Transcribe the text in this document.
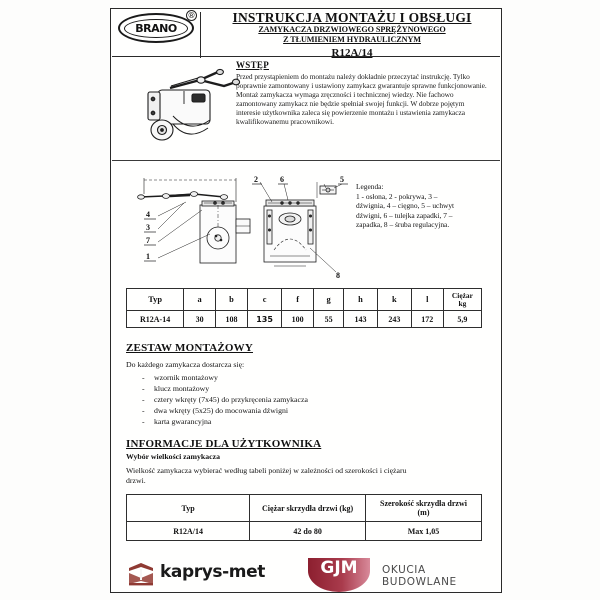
BRANO
®	INSTRUKCJA MONTAŻU I OBSŁUGI
ZAMYKACZA DRZWIOWEGO SPRĘŻYNOWEGO
Z TŁUMIENIEM HYDRAULICZNYM
R12A/14
WSTĘP

Przed przystąpieniem do montażu należy dokładnie przeczytać instrukcję. Tylko poprawnie zamontowany i ustawiony zamykacz gwarantuje sprawne funkcjonowanie. Montaż zamykacza wymaga zręczności i technicznej wiedzy. Nie fachowo zamontowany zamykacz nie będzie spełniał swojej funkcji. W dobrze pojętym interesie użytkownika zaleca się powierzenie montażu i ustawienia zamykacza kwalifikowanemu pracownikowi.

4
3
7
1
2	6	5
8
Legenda:
1 - osłona, 2 - pokrywa, 3 –
dźwignia, 4 – cięgno, 5 – uchwyt
dźwigni, 6 – tulejka zapadki, 7 –
zapadka, 8 – śruba regulacyjna.
Typ	a	b	c	f	g	h	k	l	Ciężar
kg

R12A-14	30	108	135	100	55	143	243	172	5,9
ZESTAW MONTAŻOWY
Do każdego zamykacza dostarcza się:
- wzornik montażowy
- klucz montażowy
- cztery wkręty (7x45) do przykręcenia zamykacza
- dwa wkręty (5x25) do mocowania dźwigni
- karta gwarancyjna
INFORMACJE DLA UŻYTKOWNIKA
Wybór wielkości zamykacza
Wielkość zamykacza wybierać według tabeli poniżej w zależności od szerokości i ciężaru drzwi.
Typ	Ciężar skrzydła drzwi (kg)	Szerokość skrzydła drzwi
(m)

R12A/14	42 do 80	Max 1,05
kaprys-met	GJM	OKUCIA BUDOWLANE
